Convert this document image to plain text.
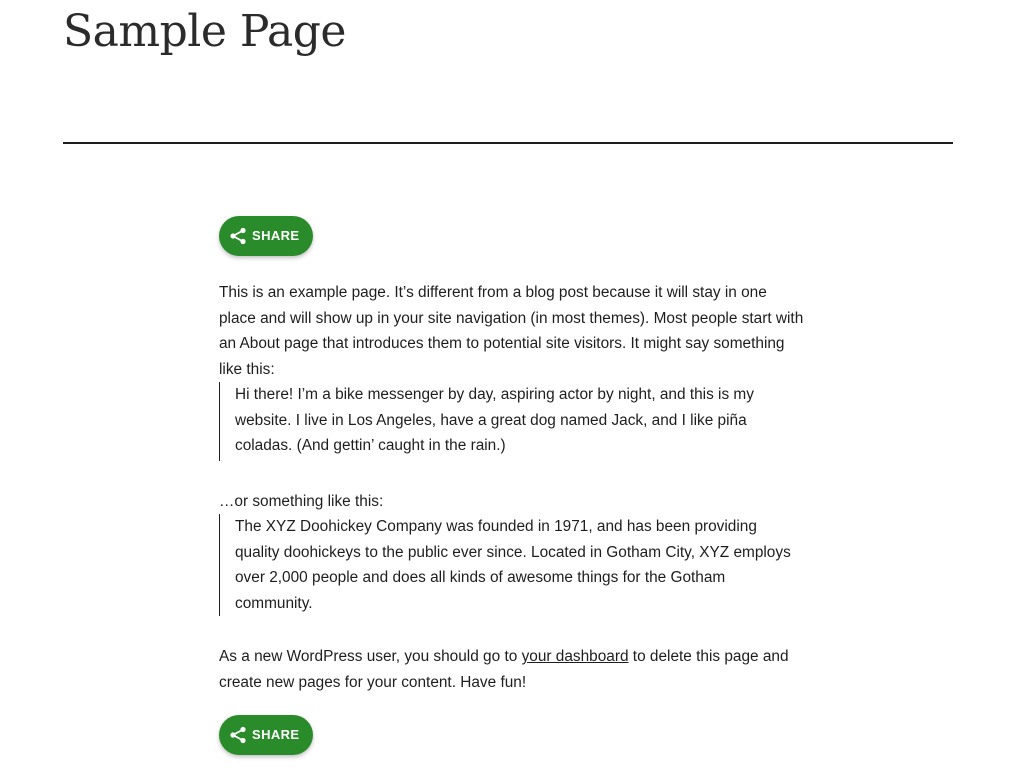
Sample Page
SHARE

This is an example page. It’s different from a blog post because it will stay in one place and will show up in your site navigation (in most themes). Most people start with an About page that introduces them to potential site visitors. It might say something like this:

Hi there! I’m a bike messenger by day, aspiring actor by night, and this is my website. I live in Los Angeles, have a great dog named Jack, and I like piña coladas. (And gettin’ caught in the rain.)

…or something like this:

The XYZ Doohickey Company was founded in 1971, and has been providing quality doohickeys to the public ever since. Located in Gotham City, XYZ employs over 2,000 people and does all kinds of awesome things for the Gotham community.

As a new WordPress user, you should go to your dashboard to delete this page and create new pages for your content. Have fun!

SHARE
